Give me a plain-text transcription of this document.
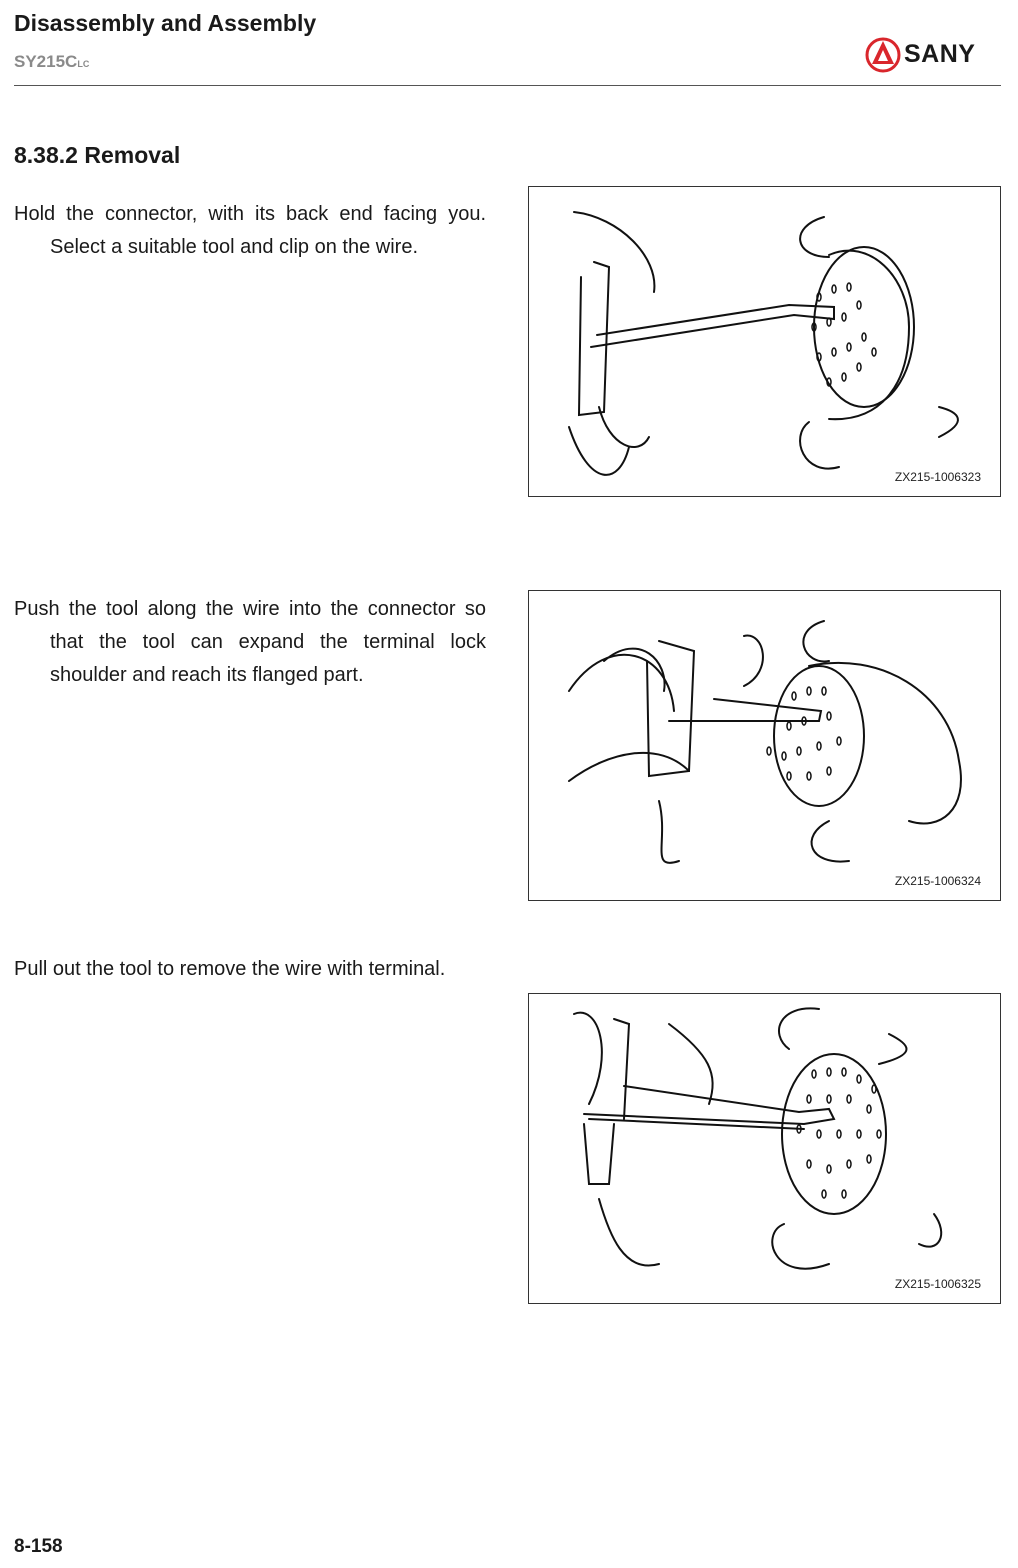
Disassembly and Assembly
SY215CLC	SANY
8.38.2 Removal
Hold the connector, with its back end facing you. Select a suitable tool and clip on the wire.
ZX215-1006323
Push the tool along the wire into the connector so that the tool can expand the terminal lock shoulder and reach its flanged part.
ZX215-1006324
Pull out the tool to remove the wire with terminal.
ZX215-1006325
8-158
